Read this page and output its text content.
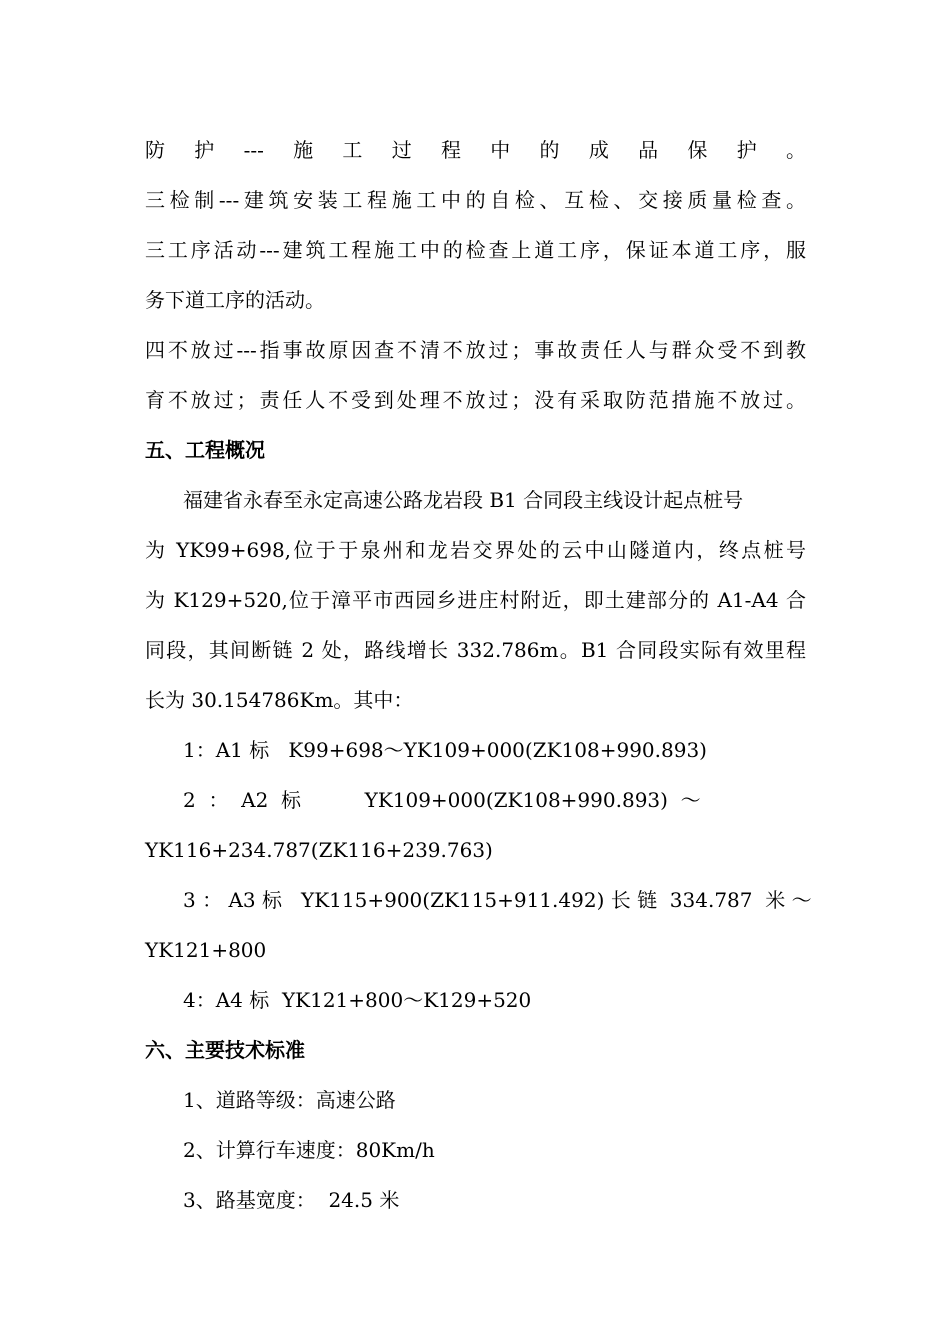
防护---施工过程中的成品保护。
三检制---建筑安装工程施工中的自检、互检、交接质量检查。
三工序活动---建筑工程施工中的检查上道工序，保证本道工序，服
务下道工序的活动。
四不放过---指事故原因查不清不放过；事故责任人与群众受不到教
育不放过；责任人不受到处理不放过；没有采取防范措施不放过。
五、工程概况
福建省永春至永定高速公路龙岩段 B1 合同段主线设计起点桩号
为 YK99+698,位于于泉州和龙岩交界处的云中山隧道内，终点桩号
为 K129+520,位于漳平市西园乡进庄村附近，即土建部分的 A1-A4 合
同段，其间断链 2 处，路线增长 332.786m。B1 合同段实际有效里程
长为 30.154786Km。其中：
1：A1 标   K99+698～YK109+000(ZK108+990.893)
2  ：  A2  标          YK109+000(ZK108+990.893)  ～
YK116+234.787(ZK116+239.763)
3 ： A3 标   YK115+900(ZK115+911.492) 长 链  334.787  米 ～
YK121+800
4：A4 标  YK121+800～K129+520
六、主要技术标准
1、道路等级：高速公路
2、计算行车速度：80Km/h
3、路基宽度：  24.5 米
